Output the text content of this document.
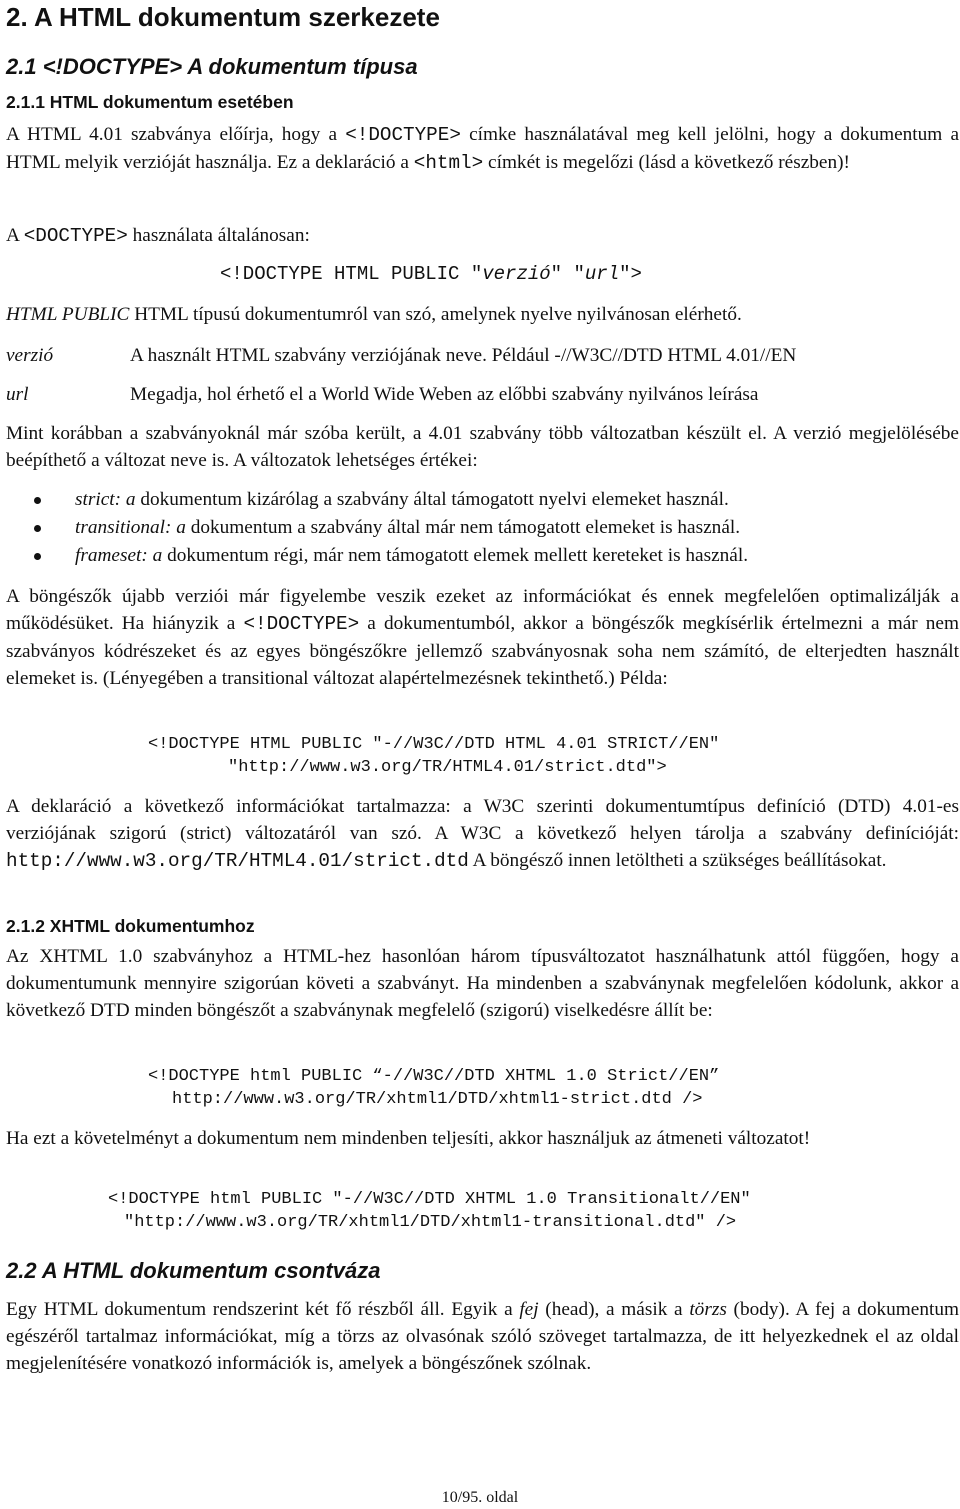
2. A HTML dokumentum szerkezete
2.1 <!DOCTYPE> A dokumentum típusa
2.1.1 HTML dokumentum esetében
A HTML 4.01 szabványa előírja, hogy a <!DOCTYPE> címke használatával meg kell jelölni, hogy a dokumentum a HTML melyik verzióját használja. Ez a deklaráció a <html> címkét is megelőzi (lásd a következő részben)!
A <DOCTYPE> használata általánosan:
<!DOCTYPE HTML PUBLIC ″verzió″ ″url″>
HTML PUBLIC HTML típusú dokumentumról van szó, amelynek nyelve nyilvánosan elérhető.
verzió	A használt HTML szabvány verziójának neve. Például -//W3C//DTD HTML 4.01//EN
url	Megadja, hol érhető el a World Wide Weben az előbbi szabvány nyilvános leírása
Mint korábban a szabványoknál már szóba került, a 4.01 szabvány több változatban készült el. A verzió megjelölésébe beépíthető a változat neve is. A változatok lehetséges értékei:
strict: a dokumentum kizárólag a szabvány által támogatott nyelvi elemeket használ.
transitional: a dokumentum a szabvány által már nem támogatott elemeket is használ.
frameset: a dokumentum régi, már nem támogatott elemek mellett kereteket is használ.
A böngészők újabb verziói már figyelembe veszik ezeket az információkat és ennek megfelelően optimalizálják a működésüket. Ha hiányzik a <!DOCTYPE> a dokumentumból, akkor a böngészők megkísérlik értelmezni a már nem szabványos kódrészeket és az egyes böngészőkre jellemző szabványosnak soha nem számító, de elterjedten használt elemeket is. (Lényegében a transitional változat alapértelmezésnek tekinthető.) Példa:
<!DOCTYPE HTML PUBLIC "-//W3C//DTD HTML 4.01 STRICT//EN"
"http://www.w3.org/TR/HTML4.01/strict.dtd">
A deklaráció a következő információkat tartalmazza: a W3C szerinti dokumentumtípus definíció (DTD) 4.01-es verziójának szigorú (strict) változatáról van szó. A W3C a következő helyen tárolja a szabvány definícióját: http://www.w3.org/TR/HTML4.01/strict.dtd A böngésző innen letöltheti a szükséges beállításokat.
2.1.2 XHTML dokumentumhoz
Az XHTML 1.0 szabványhoz a HTML-hez hasonlóan három típusváltozatot használhatunk attól függően, hogy a dokumentumunk mennyire szigorúan követi a szabványt. Ha mindenben a szabványnak megfelelően kódolunk, akkor a következő DTD minden böngészőt a szabványnak megfelelő (szigorú) viselkedésre állít be:
<!DOCTYPE html PUBLIC “-//W3C//DTD XHTML 1.0 Strict//EN”
http://www.w3.org/TR/xhtml1/DTD/xhtml1-strict.dtd />
Ha ezt a követelményt a dokumentum nem mindenben teljesíti, akkor használjuk az átmeneti változatot!
<!DOCTYPE html PUBLIC "-//W3C//DTD XHTML 1.0 Transitionalt//EN"
"http://www.w3.org/TR/xhtml1/DTD/xhtml1-transitional.dtd" />
2.2 A HTML dokumentum csontváza
Egy HTML dokumentum rendszerint két fő részből áll. Egyik a fej (head), a másik a törzs (body). A fej a dokumentum egészéről tartalmaz információkat, míg a törzs az olvasónak szóló szöveget tartalmazza, de itt helyezkednek el az oldal megjelenítésére vonatkozó információk is, amelyek a böngészőnek szólnak.
10/95. oldal
